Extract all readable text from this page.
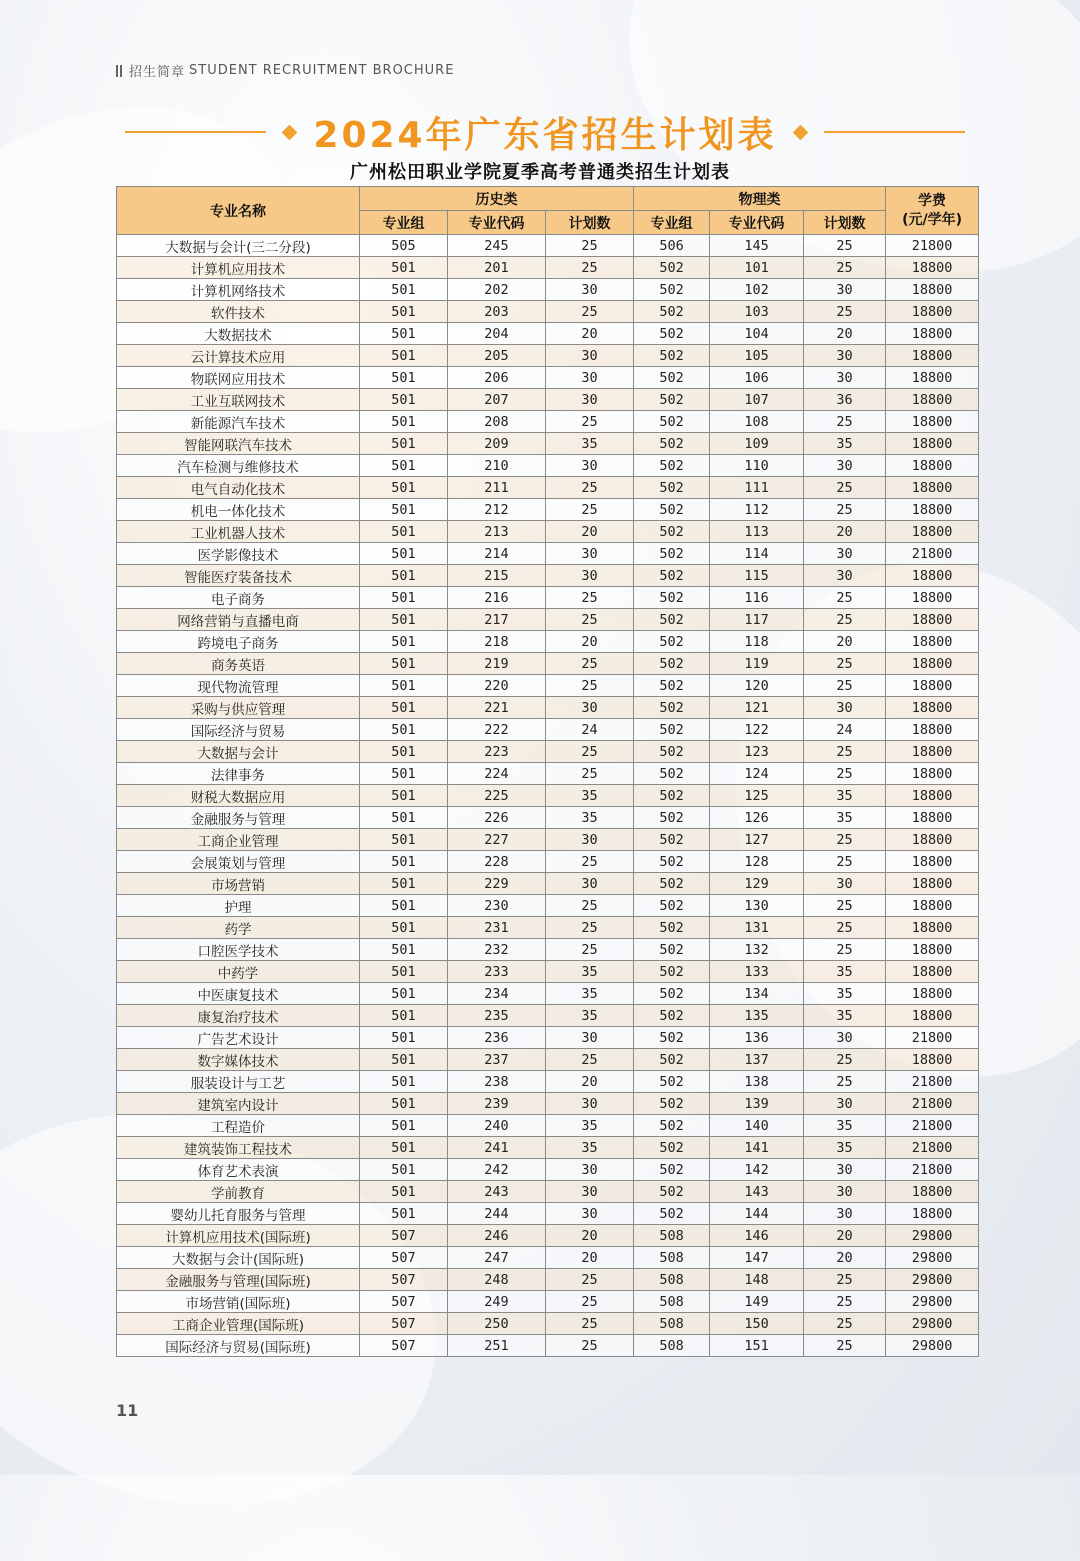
招生简章 STUDENT RECRUITMENT BROCHURE
2024年广东省招生计划表
广州松田职业学院夏季高考普通类招生计划表
专业名称	历史类			物理类			学费
(元/学年)
	专业组	专业代码	计划数	专业组	专业代码	计划数	
大数据与会计(三二分段)	505	245	25	506	145	25	21800
计算机应用技术	501	201	25	502	101	25	18800
计算机网络技术	501	202	30	502	102	30	18800
软件技术	501	203	25	502	103	25	18800
大数据技术	501	204	20	502	104	20	18800
云计算技术应用	501	205	30	502	105	30	18800
物联网应用技术	501	206	30	502	106	30	18800
工业互联网技术	501	207	30	502	107	36	18800
新能源汽车技术	501	208	25	502	108	25	18800
智能网联汽车技术	501	209	35	502	109	35	18800
汽车检测与维修技术	501	210	30	502	110	30	18800
电气自动化技术	501	211	25	502	111	25	18800
机电一体化技术	501	212	25	502	112	25	18800
工业机器人技术	501	213	20	502	113	20	18800
医学影像技术	501	214	30	502	114	30	21800
智能医疗装备技术	501	215	30	502	115	30	18800
电子商务	501	216	25	502	116	25	18800
网络营销与直播电商	501	217	25	502	117	25	18800
跨境电子商务	501	218	20	502	118	20	18800
商务英语	501	219	25	502	119	25	18800
现代物流管理	501	220	25	502	120	25	18800
采购与供应管理	501	221	30	502	121	30	18800
国际经济与贸易	501	222	24	502	122	24	18800
大数据与会计	501	223	25	502	123	25	18800
法律事务	501	224	25	502	124	25	18800
财税大数据应用	501	225	35	502	125	35	18800
金融服务与管理	501	226	35	502	126	35	18800
工商企业管理	501	227	30	502	127	25	18800
会展策划与管理	501	228	25	502	128	25	18800
市场营销	501	229	30	502	129	30	18800
护理	501	230	25	502	130	25	18800
药学	501	231	25	502	131	25	18800
口腔医学技术	501	232	25	502	132	25	18800
中药学	501	233	35	502	133	35	18800
中医康复技术	501	234	35	502	134	35	18800
康复治疗技术	501	235	35	502	135	35	18800
广告艺术设计	501	236	30	502	136	30	21800
数字媒体技术	501	237	25	502	137	25	18800
服装设计与工艺	501	238	20	502	138	25	21800
建筑室内设计	501	239	30	502	139	30	21800
工程造价	501	240	35	502	140	35	21800
建筑装饰工程技术	501	241	35	502	141	35	21800
体育艺术表演	501	242	30	502	142	30	21800
学前教育	501	243	30	502	143	30	18800
婴幼儿托育服务与管理	501	244	30	502	144	30	18800
计算机应用技术(国际班)	507	246	20	508	146	20	29800
大数据与会计(国际班)	507	247	20	508	147	20	29800
金融服务与管理(国际班)	507	248	25	508	148	25	29800
市场营销(国际班)	507	249	25	508	149	25	29800
工商企业管理(国际班)	507	250	25	508	150	25	29800
国际经济与贸易(国际班)	507	251	25	508	151	25	29800
11
